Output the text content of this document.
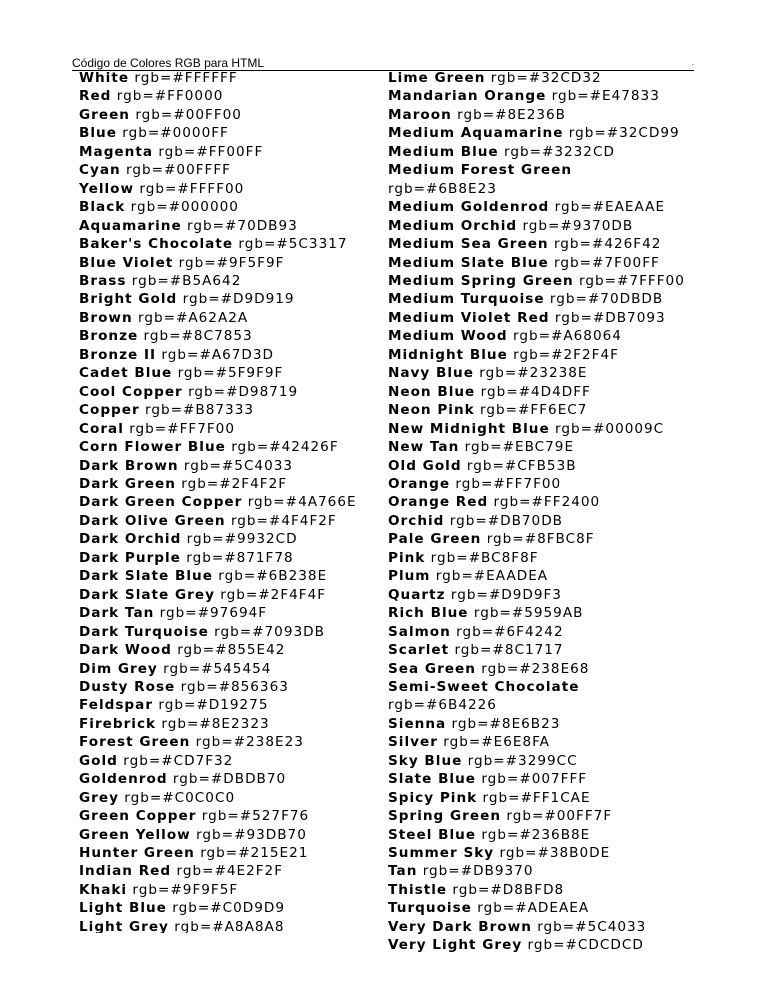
Código de Colores RGB para HTML	.
White rgb=#FFFFFF
Red rgb=#FF0000
Green rgb=#00FF00
Blue rgb=#0000FF
Magenta rgb=#FF00FF
Cyan rgb=#00FFFF
Yellow rgb=#FFFF00
Black rgb=#000000
Aquamarine rgb=#70DB93
Baker's Chocolate rgb=#5C3317
Blue Violet rgb=#9F5F9F
Brass rgb=#B5A642
Bright Gold rgb=#D9D919
Brown rgb=#A62A2A
Bronze rgb=#8C7853
Bronze II rgb=#A67D3D
Cadet Blue rgb=#5F9F9F
Cool Copper rgb=#D98719
Copper rgb=#B87333
Coral rgb=#FF7F00
Corn Flower Blue rgb=#42426F
Dark Brown rgb=#5C4033
Dark Green rgb=#2F4F2F
Dark Green Copper rgb=#4A766E
Dark Olive Green rgb=#4F4F2F
Dark Orchid rgb=#9932CD
Dark Purple rgb=#871F78
Dark Slate Blue rgb=#6B238E
Dark Slate Grey rgb=#2F4F4F
Dark Tan rgb=#97694F
Dark Turquoise rgb=#7093DB
Dark Wood rgb=#855E42
Dim Grey rgb=#545454
Dusty Rose rgb=#856363
Feldspar rgb=#D19275
Firebrick rgb=#8E2323
Forest Green rgb=#238E23
Gold rgb=#CD7F32
Goldenrod rgb=#DBDB70
Grey rgb=#C0C0C0
Green Copper rgb=#527F76
Green Yellow rgb=#93DB70
Hunter Green rgb=#215E21
Indian Red rgb=#4E2F2F
Khaki rgb=#9F9F5F
Light Blue rgb=#C0D9D9
Light Grey rgb=#A8A8A8
Lime Green rgb=#32CD32
Mandarian Orange rgb=#E47833
Maroon rgb=#8E236B
Medium Aquamarine rgb=#32CD99
Medium Blue rgb=#3232CD
Medium Forest Green
rgb=#6B8E23
Medium Goldenrod rgb=#EAEAAE
Medium Orchid rgb=#9370DB
Medium Sea Green rgb=#426F42
Medium Slate Blue rgb=#7F00FF
Medium Spring Green rgb=#7FFF00
Medium Turquoise rgb=#70DBDB
Medium Violet Red rgb=#DB7093
Medium Wood rgb=#A68064
Midnight Blue rgb=#2F2F4F
Navy Blue rgb=#23238E
Neon Blue rgb=#4D4DFF
Neon Pink rgb=#FF6EC7
New Midnight Blue rgb=#00009C
New Tan rgb=#EBC79E
Old Gold rgb=#CFB53B
Orange rgb=#FF7F00
Orange Red rgb=#FF2400
Orchid rgb=#DB70DB
Pale Green rgb=#8FBC8F
Pink rgb=#BC8F8F
Plum rgb=#EAADEA
Quartz rgb=#D9D9F3
Rich Blue rgb=#5959AB
Salmon rgb=#6F4242
Scarlet rgb=#8C1717
Sea Green rgb=#238E68
Semi-Sweet Chocolate
rgb=#6B4226
Sienna rgb=#8E6B23
Silver rgb=#E6E8FA
Sky Blue rgb=#3299CC
Slate Blue rgb=#007FFF
Spicy Pink rgb=#FF1CAE
Spring Green rgb=#00FF7F
Steel Blue rgb=#236B8E
Summer Sky rgb=#38B0DE
Tan rgb=#DB9370
Thistle rgb=#D8BFD8
Turquoise rgb=#ADEAEA
Very Dark Brown rgb=#5C4033
Very Light Grey rgb=#CDCDCD
